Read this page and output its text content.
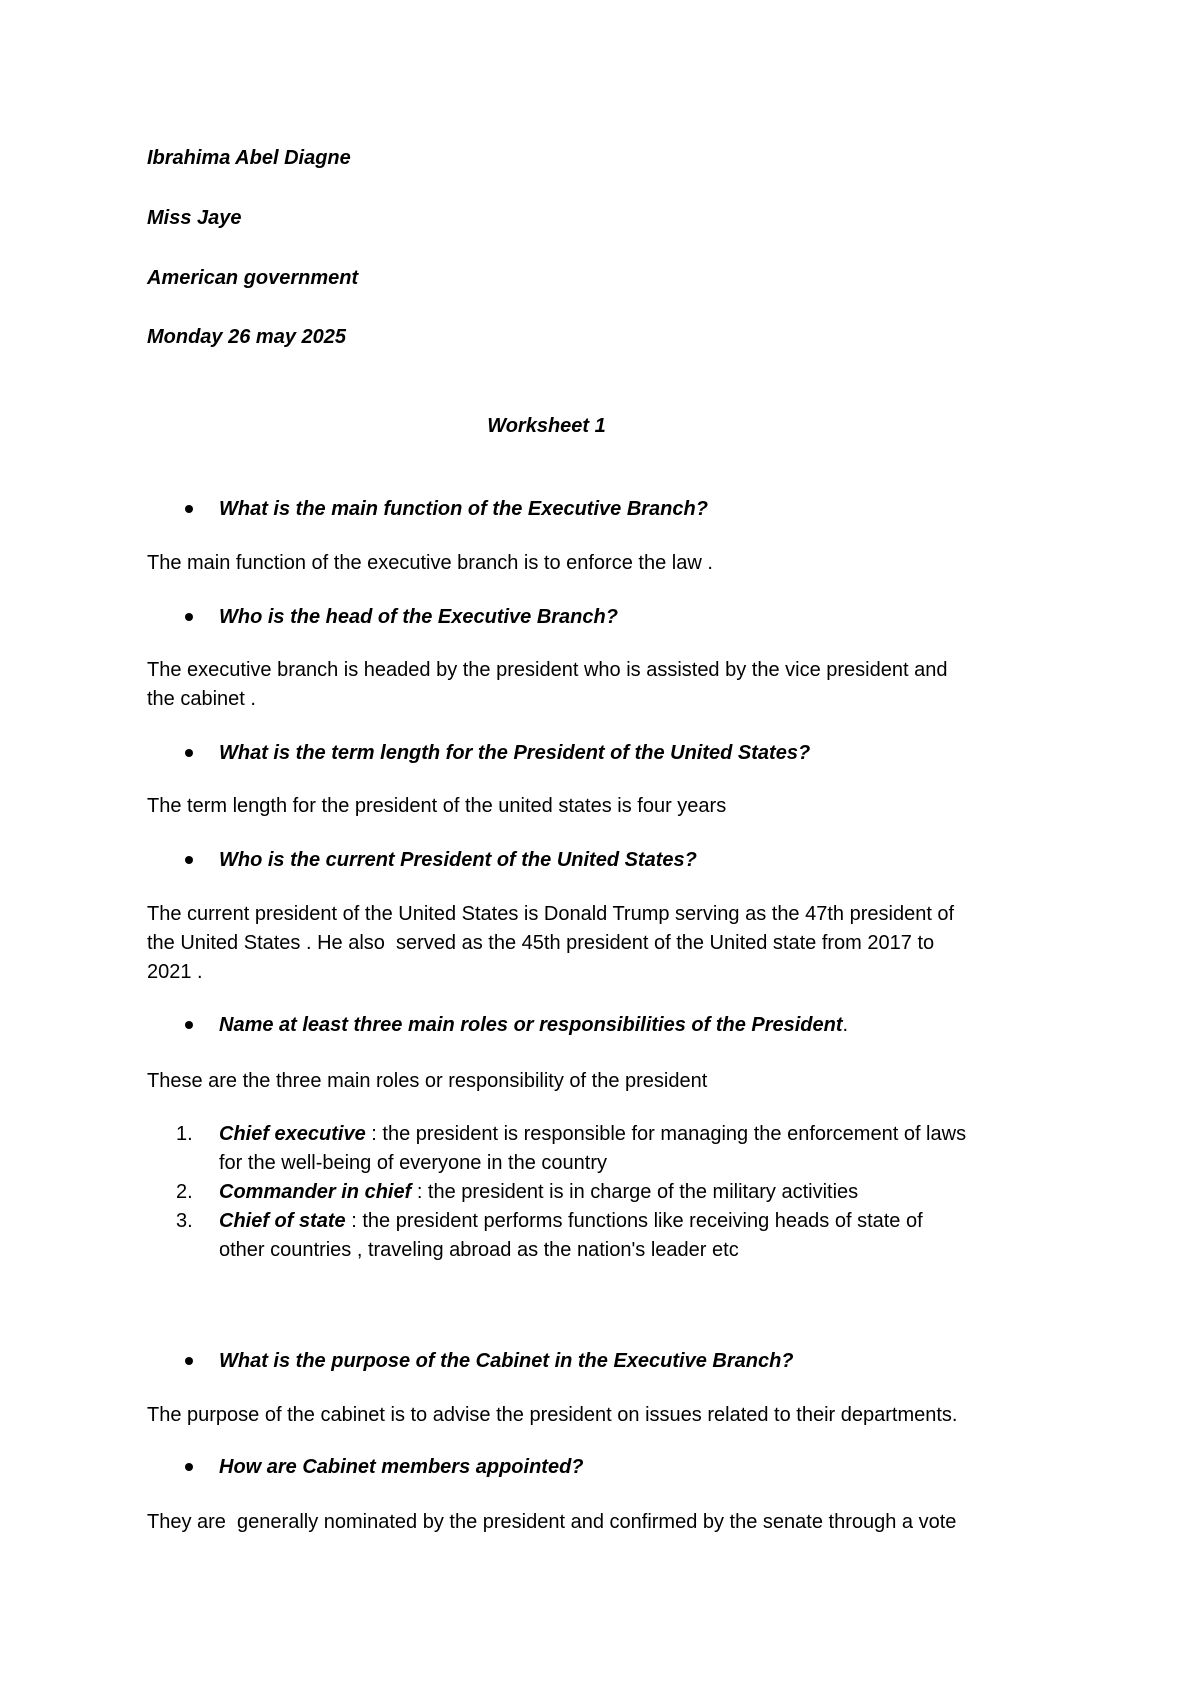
Ibrahima Abel Diagne
Miss Jaye
American government
Monday 26 may 2025
Worksheet 1
What is the main function of the Executive Branch?
The main function of the executive branch is to enforce the law .
Who is the head of the Executive Branch?
The executive branch is headed by the president who is assisted by the vice president and
the cabinet .
What is the term length for the President of the United States?
The term length for the president of the united states is four years
Who is the current President of the United States?
The current president of the United States is Donald Trump serving as the 47th president of
the United States . He also  served as the 45th president of the United state from 2017 to
2021 .
Name at least three main roles or responsibilities of the President.
These are the three main roles or responsibility of the president
1.	Chief executive : the president is responsible for managing the enforcement of laws
for the well-being of everyone in the country
2.	Commander in chief : the president is in charge of the military activities
3.	Chief of state : the president performs functions like receiving heads of state of
other countries , traveling abroad as the nation's leader etc
What is the purpose of the Cabinet in the Executive Branch?
The purpose of the cabinet is to advise the president on issues related to their departments.
How are Cabinet members appointed?
They are  generally nominated by the president and confirmed by the senate through a vote
